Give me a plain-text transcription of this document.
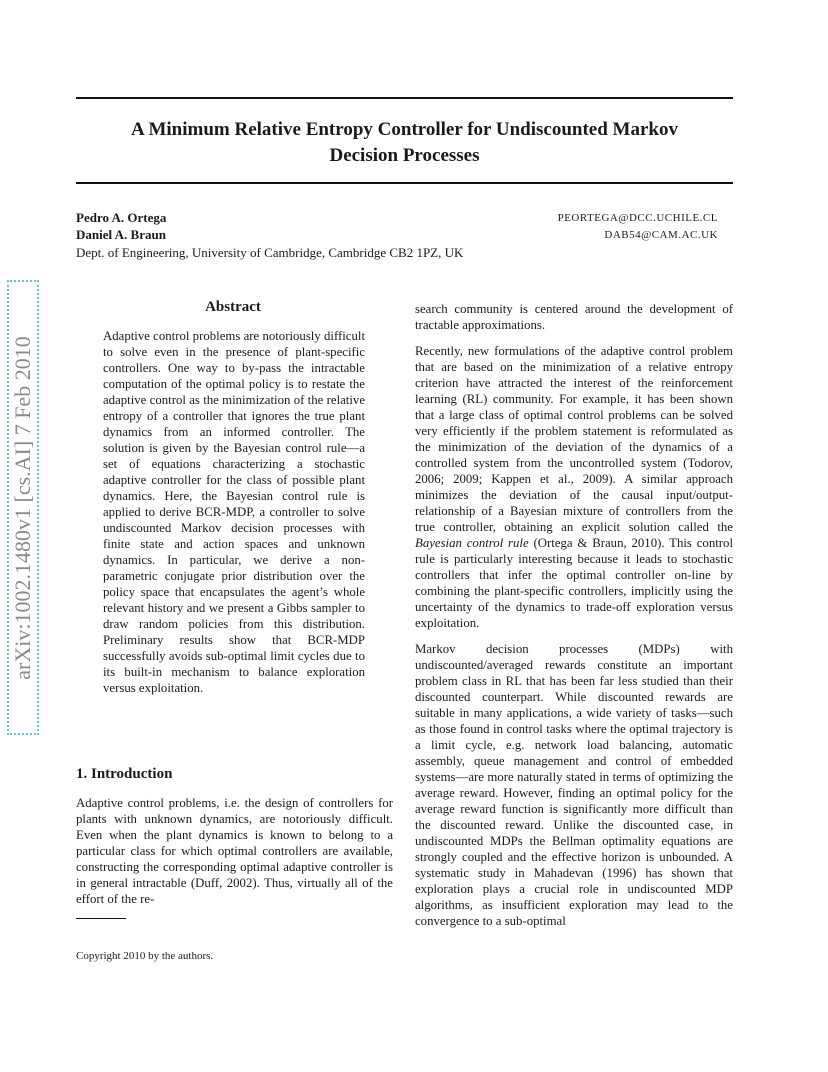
A Minimum Relative Entropy Controller for Undiscounted Markov
Decision Processes
Pedro A. Ortega	PEORTEGA@DCC.UCHILE.CL
Daniel A. Braun	DAB54@CAM.AC.UK
Dept. of Engineering, University of Cambridge, Cambridge CB2 1PZ, UK
arXiv:1002.1480v1 [cs.AI] 7 Feb 2010
Abstract

Adaptive control problems are notoriously difficult to solve even in the presence of plant-specific controllers. One way to by-pass the intractable computation of the optimal policy is to restate the adaptive control as the minimization of the relative entropy of a controller that ignores the true plant dynamics from an informed controller. The solution is given by the Bayesian control rule—a set of equations characterizing a stochastic adaptive controller for the class of possible plant dynamics. Here, the Bayesian control rule is applied to derive BCR-MDP, a controller to solve undiscounted Markov decision processes with finite state and action spaces and unknown dynamics. In particular, we derive a non-parametric conjugate prior distribution over the policy space that encapsulates the agent’s whole relevant history and we present a Gibbs sampler to draw random policies from this distribution. Preliminary results show that BCR-MDP successfully avoids sub-optimal limit cycles due to its built-in mechanism to balance exploration versus exploitation.

1. Introduction

Adaptive control problems, i.e. the design of controllers for plants with unknown dynamics, are notoriously difficult. Even when the plant dynamics is known to belong to a particular class for which optimal controllers are available, constructing the corresponding optimal adaptive controller is in general intractable (Duff, 2002). Thus, virtually all of the effort of the re-

search community is centered around the development of tractable approximations.

Recently, new formulations of the adaptive control problem that are based on the minimization of a relative entropy criterion have attracted the interest of the reinforcement learning (RL) community. For example, it has been shown that a large class of optimal control problems can be solved very efficiently if the problem statement is reformulated as the minimization of the deviation of the dynamics of a controlled system from the uncontrolled system (Todorov, 2006; 2009; Kappen et al., 2009). A similar approach minimizes the deviation of the causal input/output-relationship of a Bayesian mixture of controllers from the true controller, obtaining an explicit solution called the Bayesian control rule (Ortega & Braun, 2010). This control rule is particularly interesting because it leads to stochastic controllers that infer the optimal controller on-line by combining the plant-specific controllers, implicitly using the uncertainty of the dynamics to trade-off exploration versus exploitation.

Markov decision processes (MDPs) with undiscounted/averaged rewards constitute an important problem class in RL that has been far less studied than their discounted counterpart. While discounted rewards are suitable in many applications, a wide variety of tasks—such as those found in control tasks where the optimal trajectory is a limit cycle, e.g. network load balancing, automatic assembly, queue management and control of embedded systems—are more naturally stated in terms of optimizing the average reward. However, finding an optimal policy for the average reward function is significantly more difficult than the discounted reward. Unlike the discounted case, in undiscounted MDPs the Bellman optimality equations are strongly coupled and the effective horizon is unbounded. A systematic study in Mahadevan (1996) has shown that exploration plays a crucial role in undiscounted MDP algorithms, as insufficient exploration may lead to the convergence to a sub-optimal

Copyright 2010 by the authors.
